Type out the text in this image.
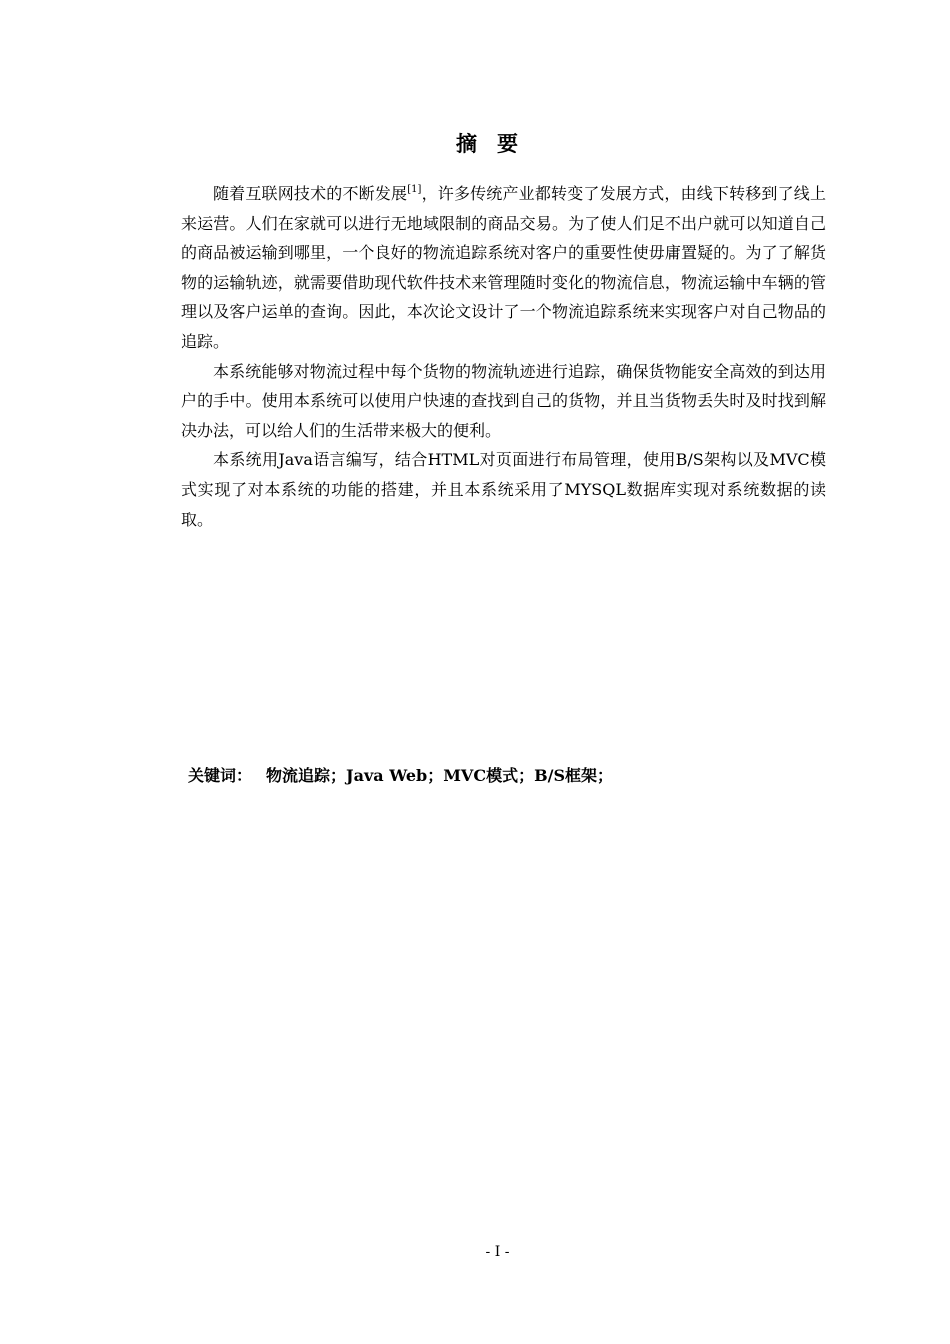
摘要

随着互联网技术的不断发展[1]，许多传统产业都转变了发展方式，由线下转移到了线上来运营。人们在家就可以进行无地域限制的商品交易。为了使人们足不出户就可以知道自己的商品被运输到哪里，一个良好的物流追踪系统对客户的重要性使毋庸置疑的。为了了解货物的运输轨迹，就需要借助现代软件技术来管理随时变化的物流信息，物流运输中车辆的管理以及客户运单的查询。因此，本次论文设计了一个物流追踪系统来实现客户对自己物品的追踪。

本系统能够对物流过程中每个货物的物流轨迹进行追踪，确保货物能安全高效的到达用户的手中。使用本系统可以使用户快速的查找到自己的货物，并且当货物丢失时及时找到解决办法，可以给人们的生活带来极大的便利。

本系统用Java语言编写，结合HTML对页面进行布局管理，使用B/S架构以及MVC模式实现了对本系统的功能的搭建，并且本系统采用了MYSQL数据库实现对系统数据的读取。

关键词： 物流追踪；Java Web；MVC模式；B/S框架；
- I -
